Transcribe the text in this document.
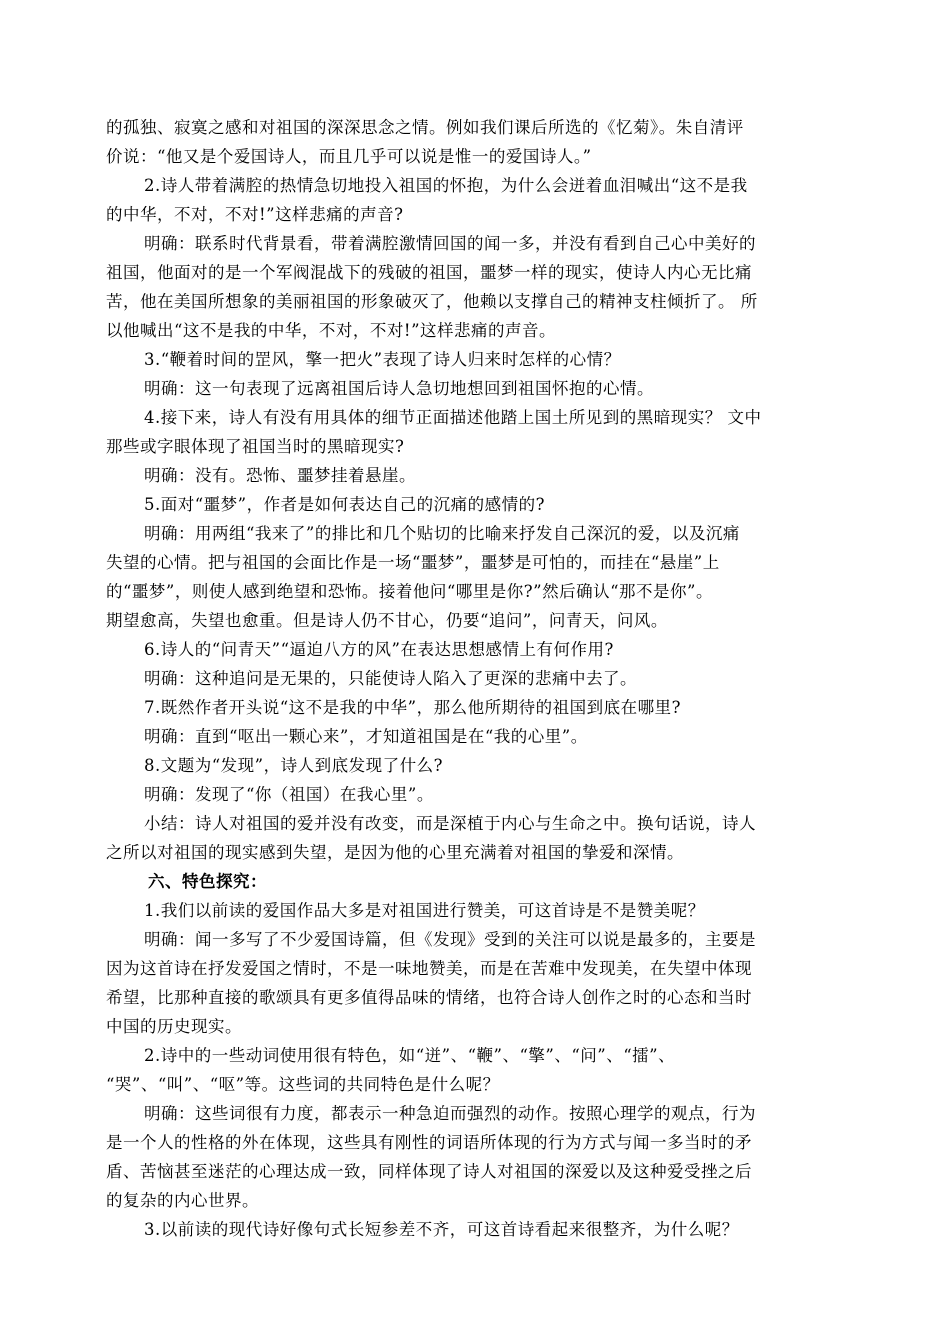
的孤独、寂寞之感和对祖国的深深思念之情。例如我们课后所选的《忆菊》。朱自清评
价说：“他又是个爱国诗人，而且几乎可以说是惟一的爱国诗人。”
2.诗人带着满腔的热情急切地投入祖国的怀抱，为什么会迸着血泪喊出“这不是我
的中华，不对，不对!”这样悲痛的声音?
明确：联系时代背景看，带着满腔激情回国的闻一多，并没有看到自己心中美好的
祖国，他面对的是一个军阀混战下的残破的祖国，噩梦一样的现实，使诗人内心无比痛
苦，他在美国所想象的美丽祖国的形象破灭了，他赖以支撑自己的精神支柱倾折了。 所
以他喊出“这不是我的中华，不对，不对!”这样悲痛的声音。
3.“鞭着时间的罡风，擎一把火”表现了诗人归来时怎样的心情？
明确：这一句表现了远离祖国后诗人急切地想回到祖国怀抱的心情。
4.接下来，诗人有没有用具体的细节正面描述他踏上国土所见到的黑暗现实？ 文中
那些或字眼体现了祖国当时的黑暗现实?
明确：没有。恐怖、噩梦挂着悬崖。
5.面对“噩梦”，作者是如何表达自己的沉痛的感情的?
明确：用两组“我来了”的排比和几个贴切的比喻来抒发自己深沉的爱，以及沉痛
失望的心情。把与祖国的会面比作是一场“噩梦”，噩梦是可怕的，而挂在“悬崖”上
的“噩梦”，则使人感到绝望和恐怖。接着他问“哪里是你?”然后确认“那不是你”。
期望愈高，失望也愈重。但是诗人仍不甘心，仍要“追问”，问青天，问风。
6.诗人的“问青天”“逼迫八方的风”在表达思想感情上有何作用?
明确：这种追问是无果的，只能使诗人陷入了更深的悲痛中去了。
7.既然作者开头说“这不是我的中华”，那么他所期待的祖国到底在哪里?
明确：直到“呕出一颗心来”，才知道祖国是在“我的心里”。
8.文题为“发现”，诗人到底发现了什么?
明确：发现了“你（祖国）在我心里”。
小结：诗人对祖国的爱并没有改变，而是深植于内心与生命之中。换句话说，诗人
之所以对祖国的现实感到失望，是因为他的心里充满着对祖国的挚爱和深情。
六、特色探究：
1.我们以前读的爱国作品大多是对祖国进行赞美，可这首诗是不是赞美呢？
明确：闻一多写了不少爱国诗篇，但《发现》受到的关注可以说是最多的，主要是
因为这首诗在抒发爱国之情时，不是一味地赞美，而是在苦难中发现美，在失望中体现
希望，比那种直接的歌颂具有更多值得品味的情绪，也符合诗人创作之时的心态和当时
中国的历史现实。
2.诗中的一些动词使用很有特色，如“迸”、“鞭”、“擎”、“问”、“擂”、
“哭”、“叫”、“呕”等。这些词的共同特色是什么呢？
明确：这些词很有力度，都表示一种急迫而强烈的动作。按照心理学的观点，行为
是一个人的性格的外在体现，这些具有刚性的词语所体现的行为方式与闻一多当时的矛
盾、苦恼甚至迷茫的心理达成一致，同样体现了诗人对祖国的深爱以及这种爱受挫之后
的复杂的内心世界。
3.以前读的现代诗好像句式长短参差不齐，可这首诗看起来很整齐，为什么呢？
